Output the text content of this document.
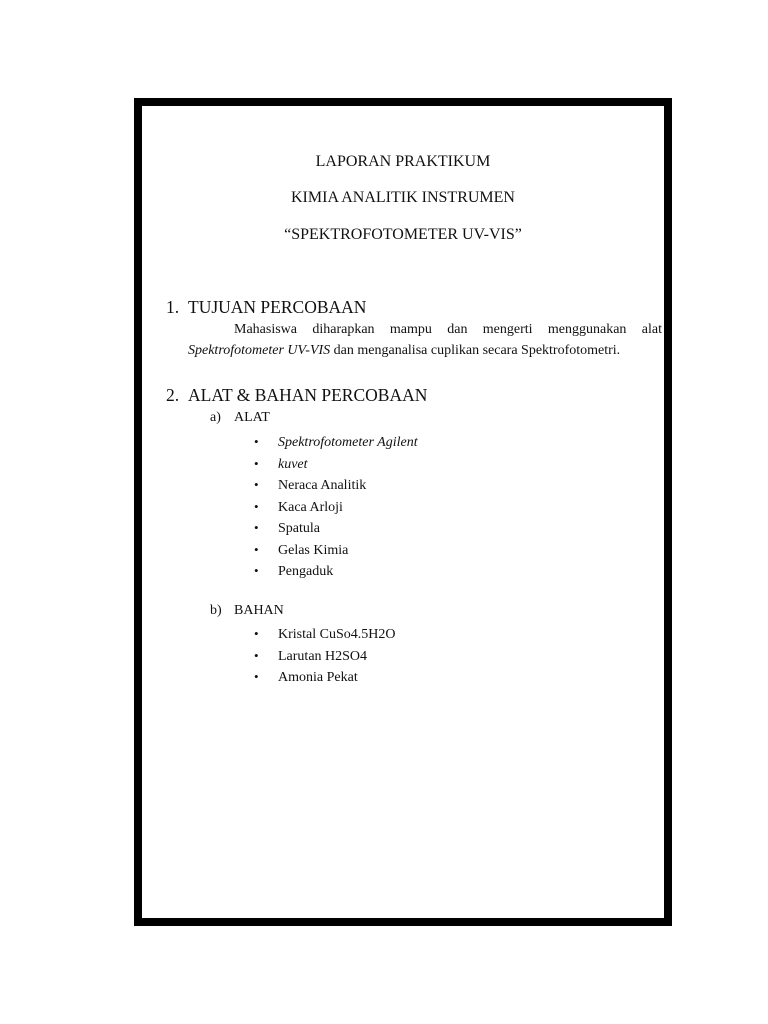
LAPORAN PRAKTIKUM
KIMIA ANALITIK INSTRUMEN
“SPEKTROFOTOMETER UV-VIS”
1. TUJUAN PERCOBAAN
Mahasiswa diharapkan mampu dan mengerti menggunakan alat
Spektrofotometer UV-VIS dan menganalisa cuplikan secara Spektrofotometri.
2. ALAT & BAHAN PERCOBAAN
a) ALAT
• Spektrofotometer Agilent
• kuvet
• Neraca Analitik
• Kaca Arloji
• Spatula
• Gelas Kimia
• Pengaduk
b) BAHAN
• Kristal CuSo4.5H2O
• Larutan H2SO4
• Amonia Pekat
